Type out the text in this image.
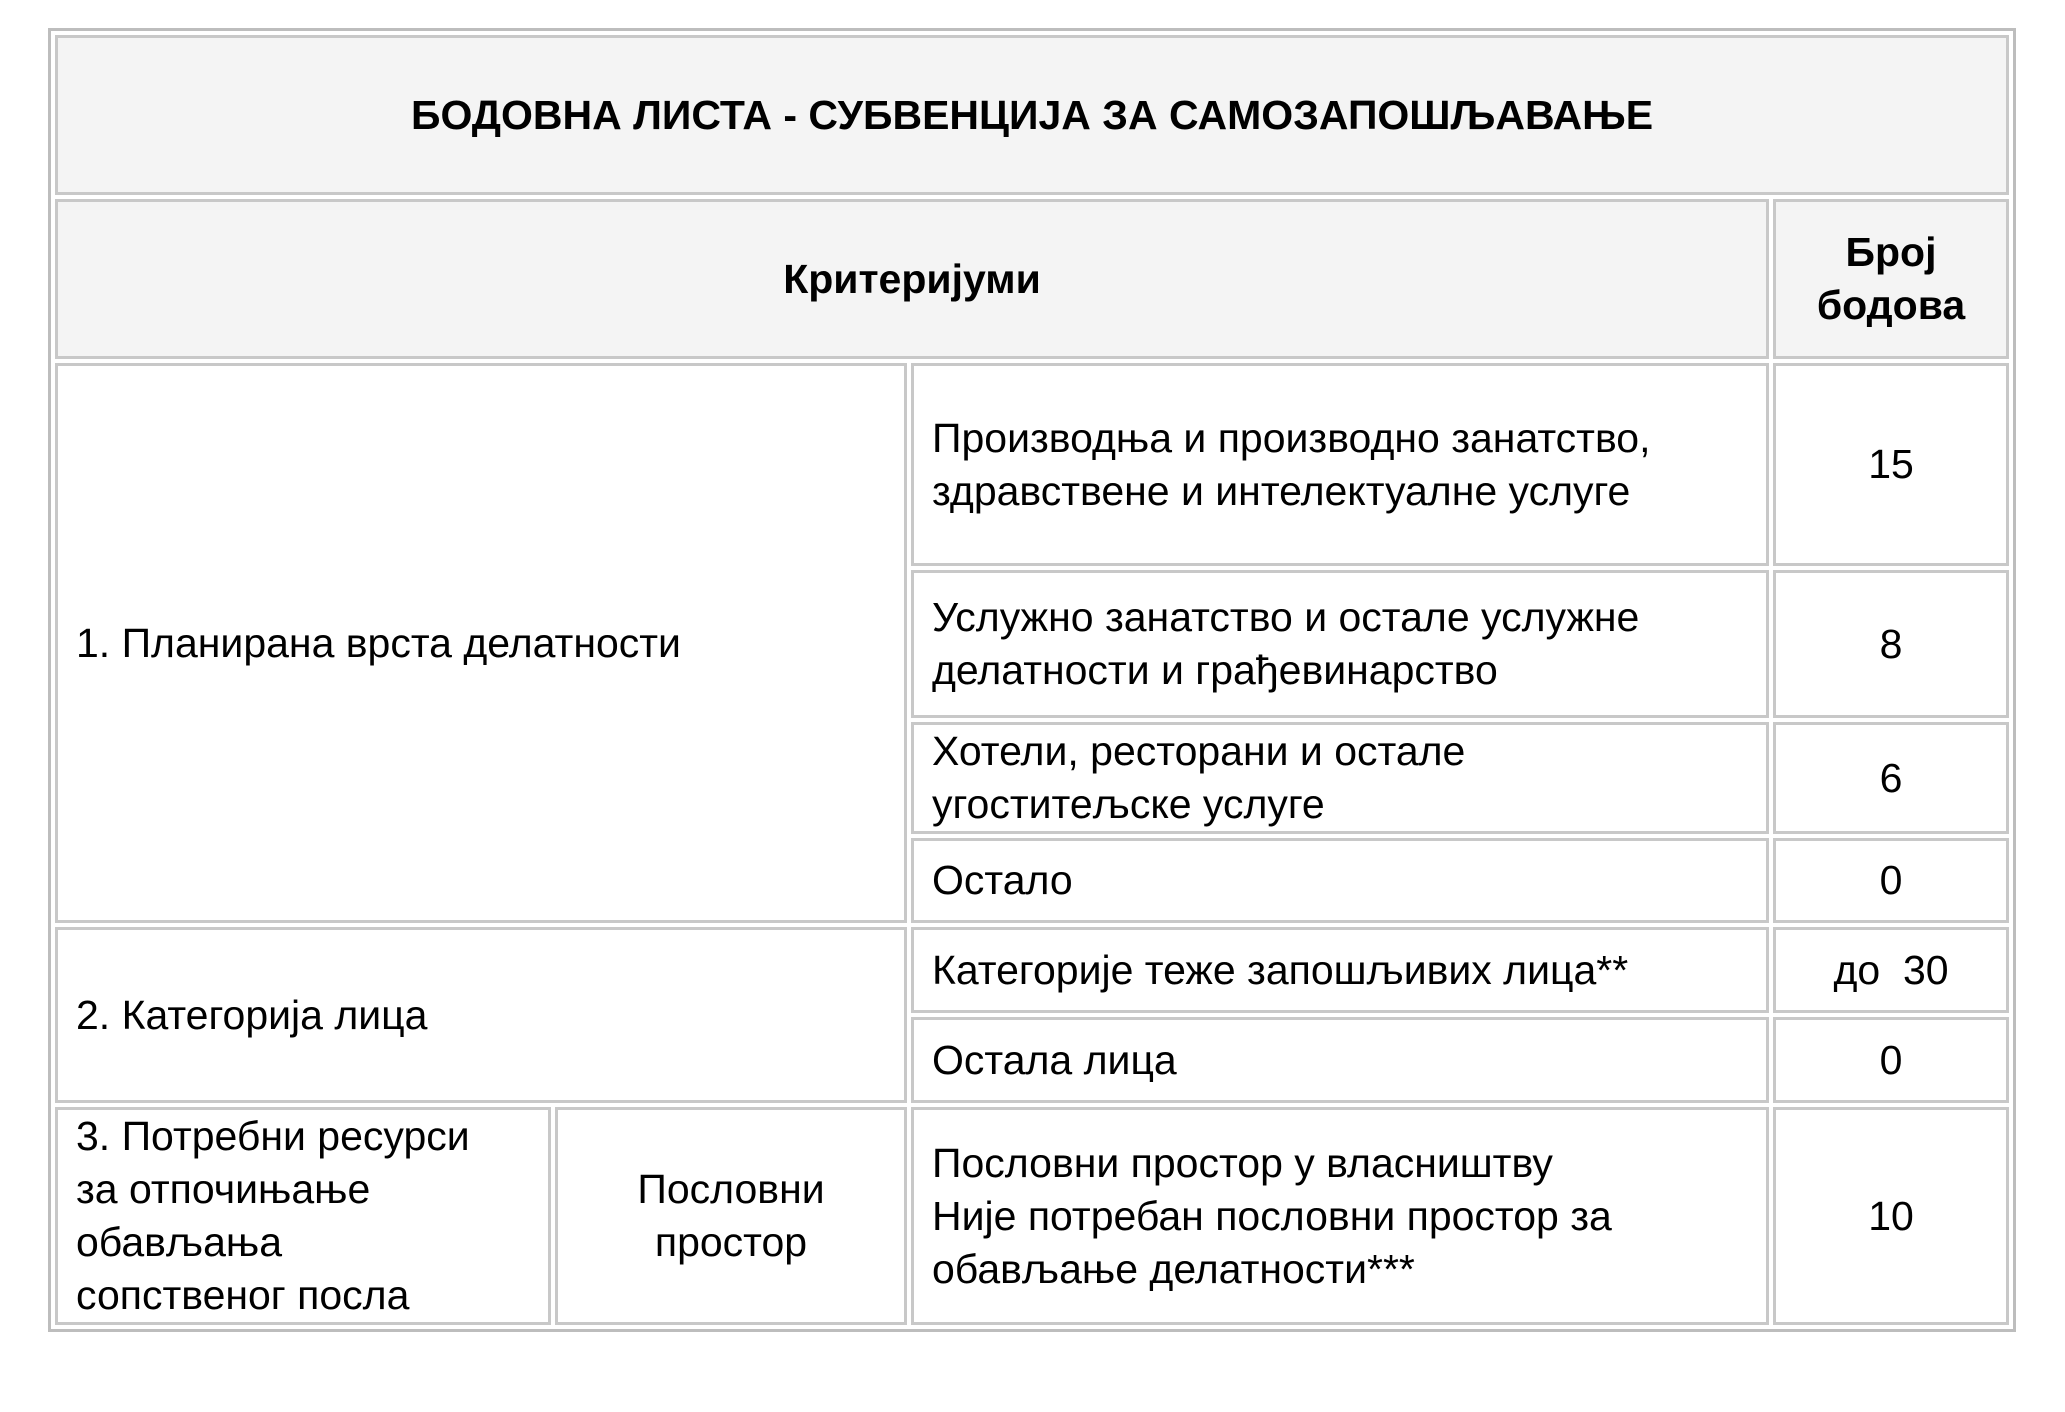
БОДОВНА ЛИСТА - СУБВЕНЦИЈА ЗА САМОЗАПОШЉАВАЊЕ			
Критеријуми			Број
бодова

1. Планирана врста делатности		Производња и производно занатство,
здравствене и интелектуалне услуге	15

		Услужно занатство и остале услужне
делатности и грађевинарство	8

		Хотели, ресторани и остале
угоститељске услуге	6
		Остало	0
2. Категорија лица		Категорије теже запошљивих лица**	до  30
		Остала лица	0

3. Потребни ресурси
за отпочињање
обављања
сопственог посла	Пословни
простор	Пословни простор у власништву
Није потребан пословни простор за
обављање делатности***	10
